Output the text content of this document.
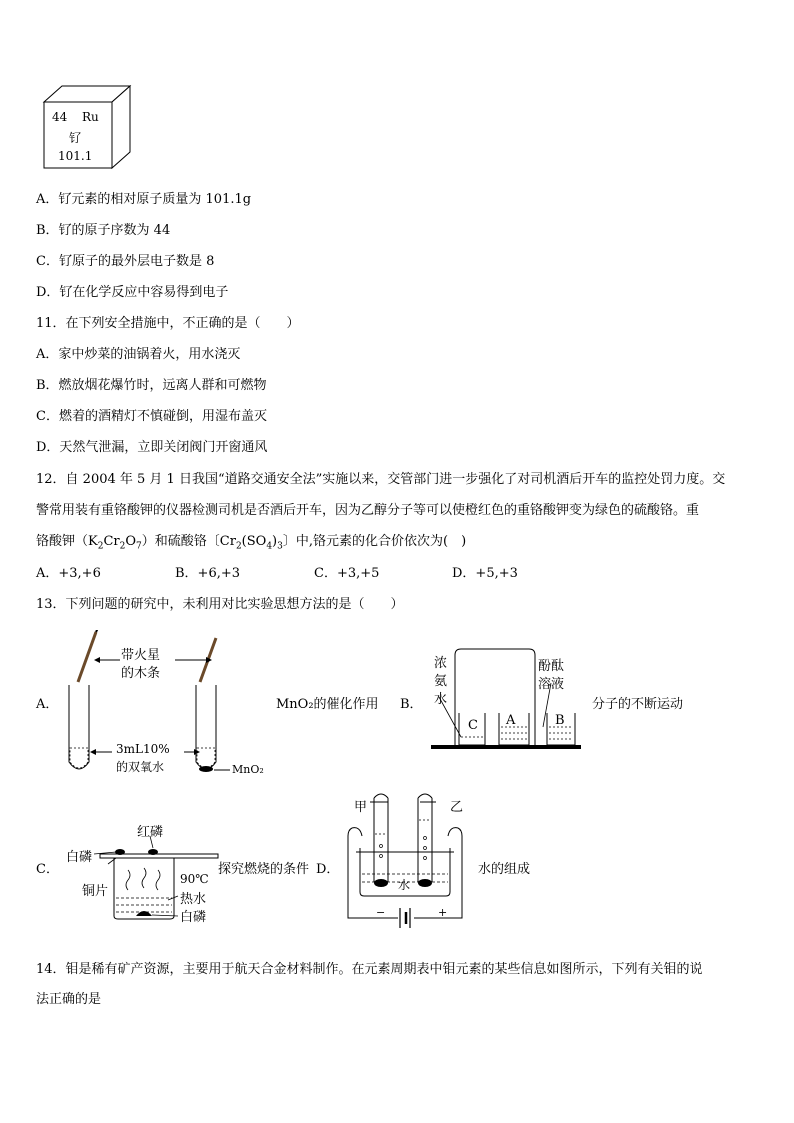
44 Ru
钌
101.1
A．钌元素的相对原子质量为 101.1g
B．钌的原子序数为 44
C．钌原子的最外层电子数是 8
D．钌在化学反应中容易得到电子
11．在下列安全措施中，不正确的是（　　）
A．家中炒菜的油锅着火，用水浇灭
B．燃放烟花爆竹时，远离人群和可燃物
C．燃着的酒精灯不慎碰倒，用湿布盖灭
D．天然气泄漏，立即关闭阀门开窗通风
12．自 2004 年 5 月 1 日我国“道路交通安全法”实施以来，交管部门进一步强化了对司机酒后开车的监控处罚力度。交
警常用装有重铬酸钾的仪器检测司机是否酒后开车，因为乙醇分子等可以使橙红色的重铬酸钾变为绿色的硫酸铬。重
铬酸钾$(K_2Cr_2O_7)$和硫酸铬〔$Cr_2(SO_4)_3$〕中,铬元素的化合价依次为(　)
A．+3,+6	B．+6,+3	C．+3,+5	D．+5,+3
13．下列问题的研究中，未利用对比实验思想方法的是（　　）
A．
带火星
的木条
3mL10%
的双氧水	MnO₂
MnO₂的催化作用 B．
浓
氨
水
酚酞
溶液
C A	B
分子的不断运动
C．
红磷
白磷
铜片
90℃
热水
白磷
探究燃烧的条件 D．
甲	乙
水
−	+
水的组成
14．钼是稀有矿产资源，主要用于航天合金材料制作。在元素周期表中钼元素的某些信息如图所示，下列有关钼的说
法正确的是
